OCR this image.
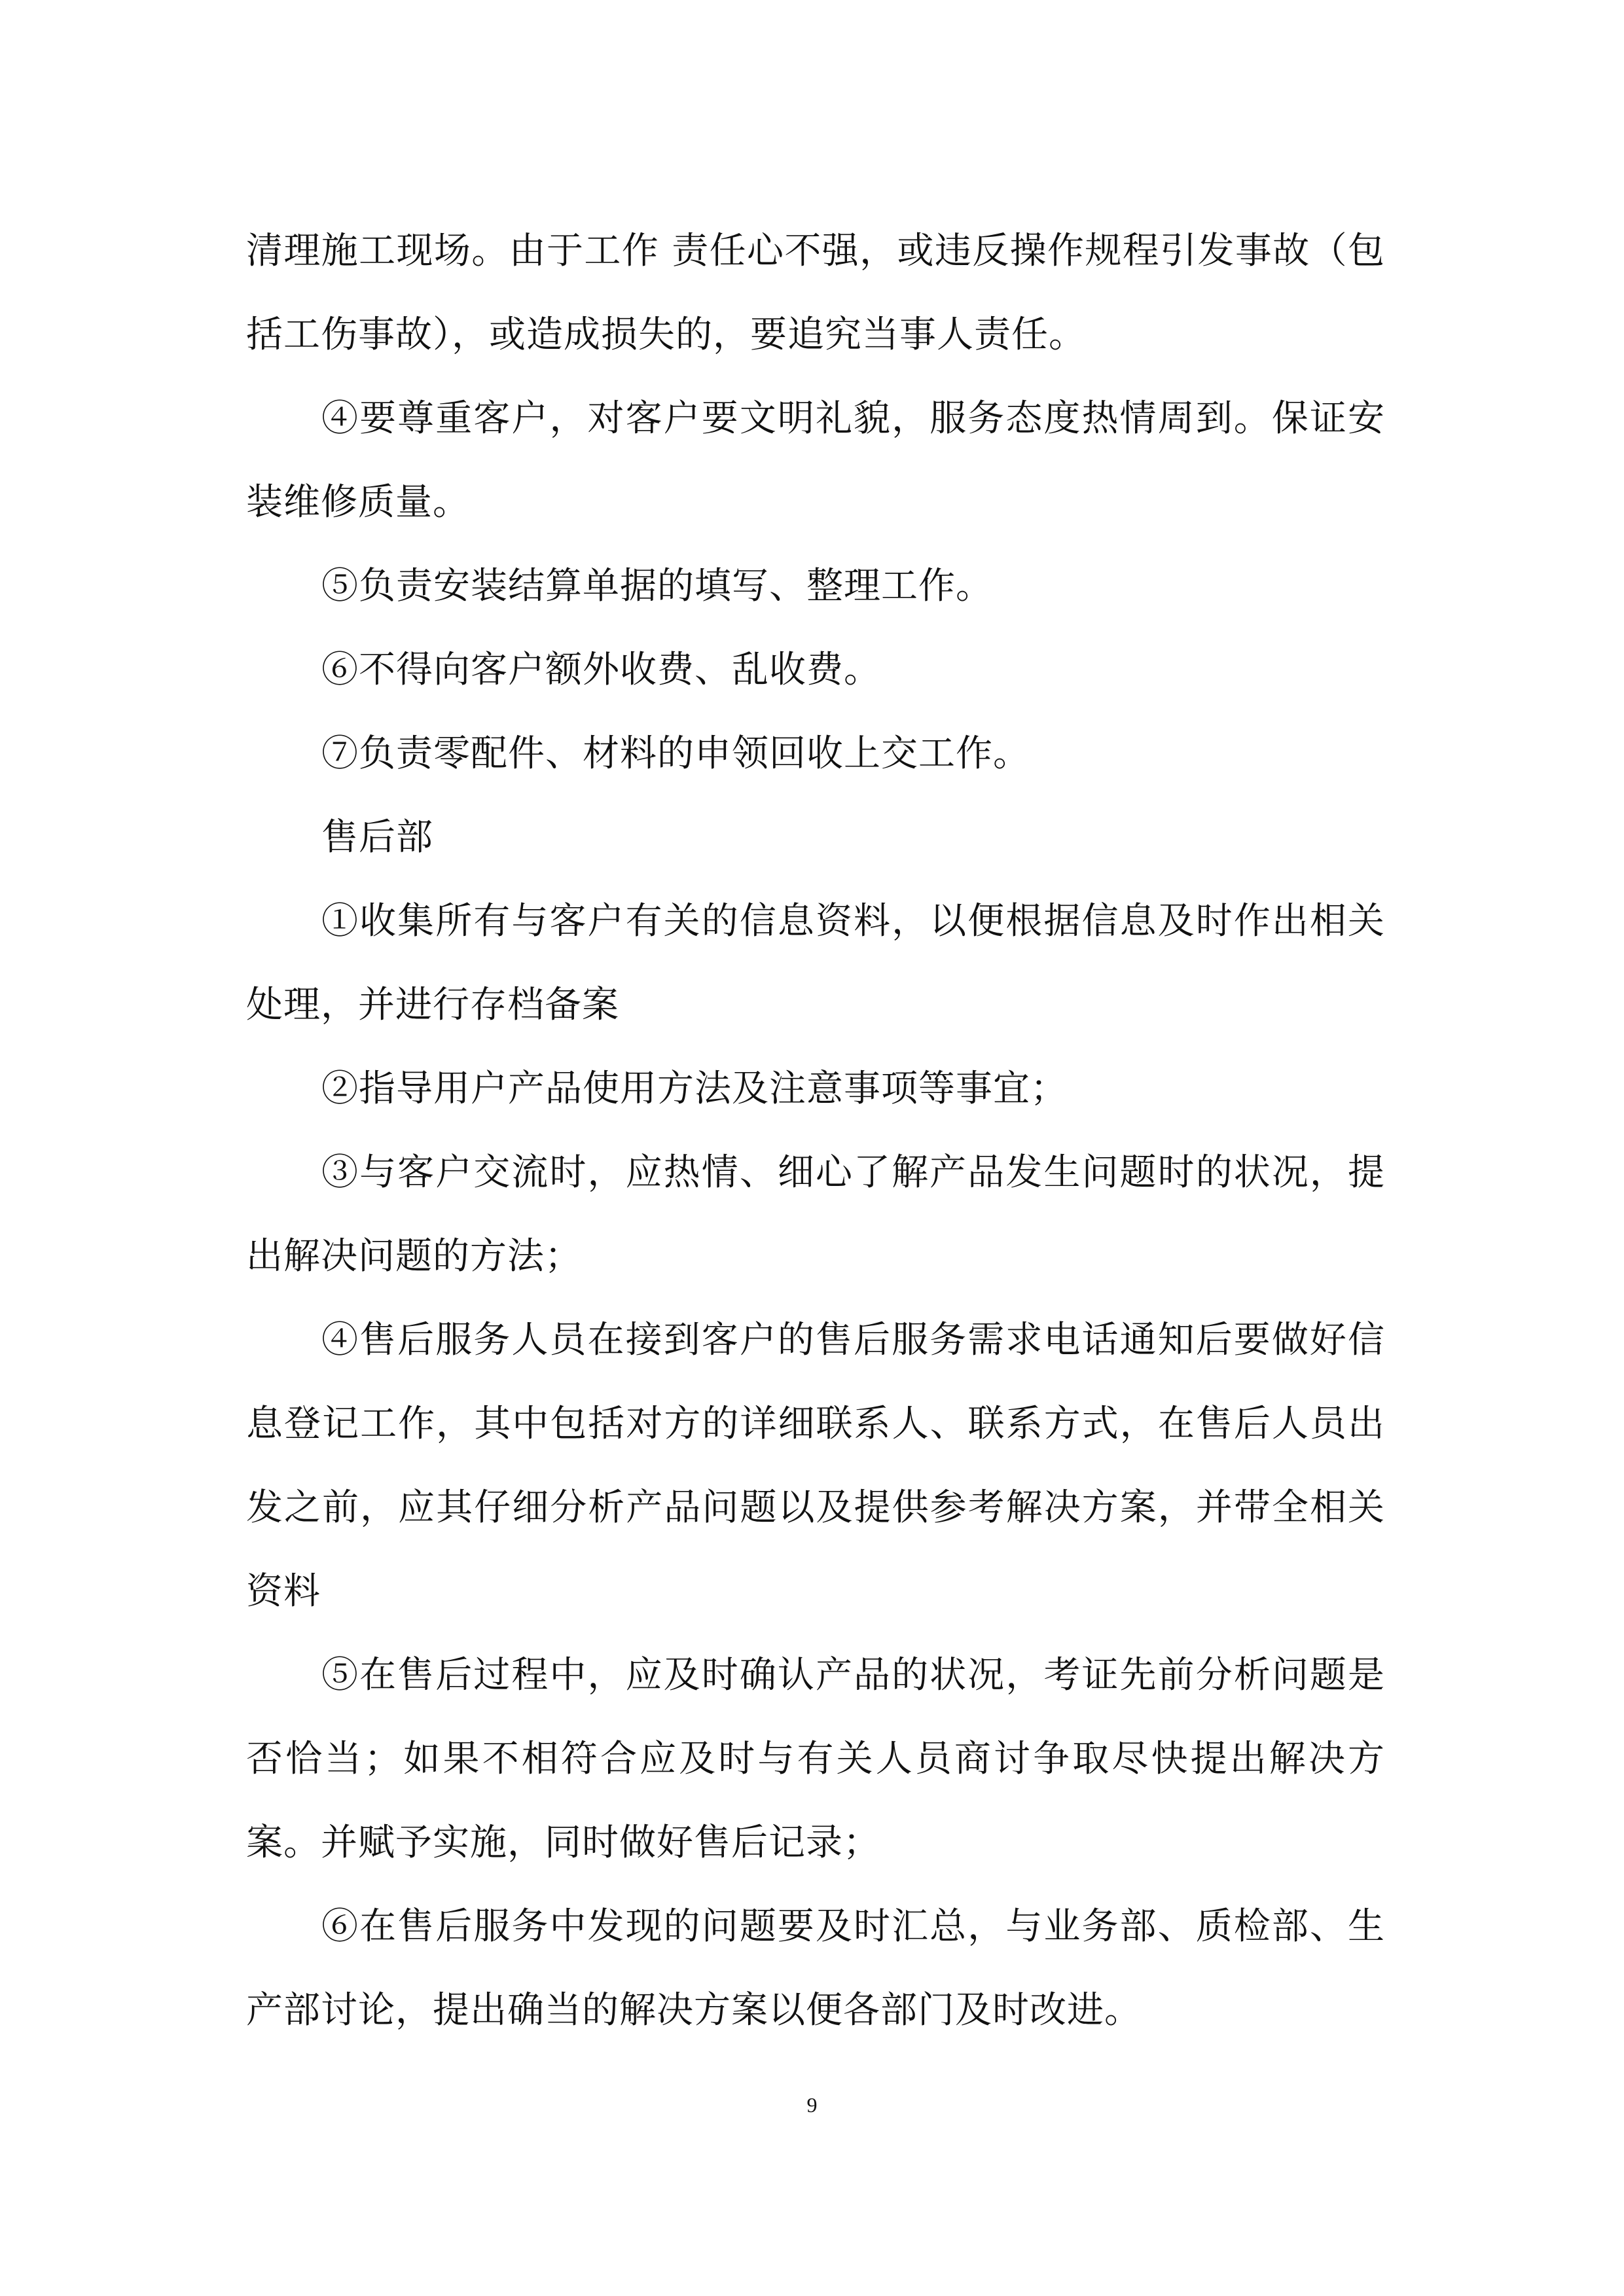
清理施工现场。由于工作 责任心不强，或违反操作规程引发事故（包括工伤事故），或造成损失的，要追究当事人责任。

④要尊重客户，对客户要文明礼貌，服务态度热情周到。保证安装维修质量。

⑤负责安装结算单据的填写、整理工作。

⑥不得向客户额外收费、乱收费。

⑦负责零配件、材料的申领回收上交工作。

售后部

①收集所有与客户有关的信息资料，以便根据信息及时作出相关处理，并进行存档备案

②指导用户产品使用方法及注意事项等事宜；

③与客户交流时，应热情、细心了解产品发生问题时的状况，提出解决问题的方法；

④售后服务人员在接到客户的售后服务需求电话通知后要做好信息登记工作，其中包括对方的详细联系人、联系方式，在售后人员出发之前，应其仔细分析产品问题以及提供参考解决方案，并带全相关资料

⑤在售后过程中，应及时确认产品的状况，考证先前分析问题是否恰当；如果不相符合应及时与有关人员商讨争取尽快提出解决方案。并赋予实施，同时做好售后记录；

⑥在售后服务中发现的问题要及时汇总，与业务部、质检部、生产部讨论，提出确当的解决方案以便各部门及时改进。

9
